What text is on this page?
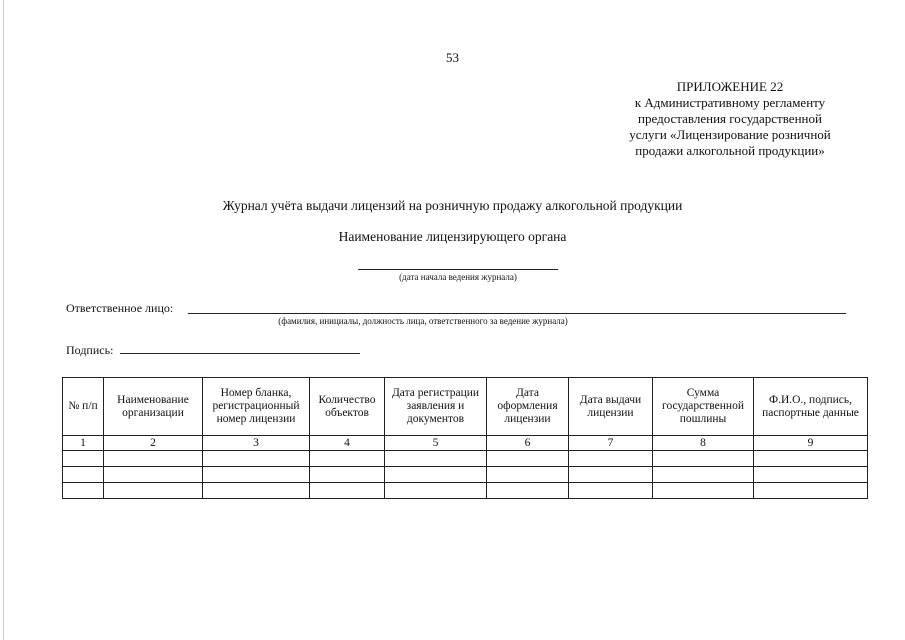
53
ПРИЛОЖЕНИЕ 22
к Административному регламенту
предоставления государственной
услуги «Лицензирование розничной
продажи алкогольной продукции»
Журнал учёта выдачи лицензий на розничную продажу алкогольной продукции
Наименование лицензирующего органа
(дата начала ведения журнала)
Ответственное лицо:
(фамилия, инициалы, должность лица, ответственного за ведение журнала)
Подпись:
№ п/п	Наименование организации	Номер бланка, регистрационный номер лицензии	Количество объектов	Дата регистрации заявления и документов	Дата оформления лицензии	Дата выдачи лицензии	Сумма государственной пошлины	Ф.И.О., подпись, паспортные данные
1	2	3	4	5	6	7	8	9
